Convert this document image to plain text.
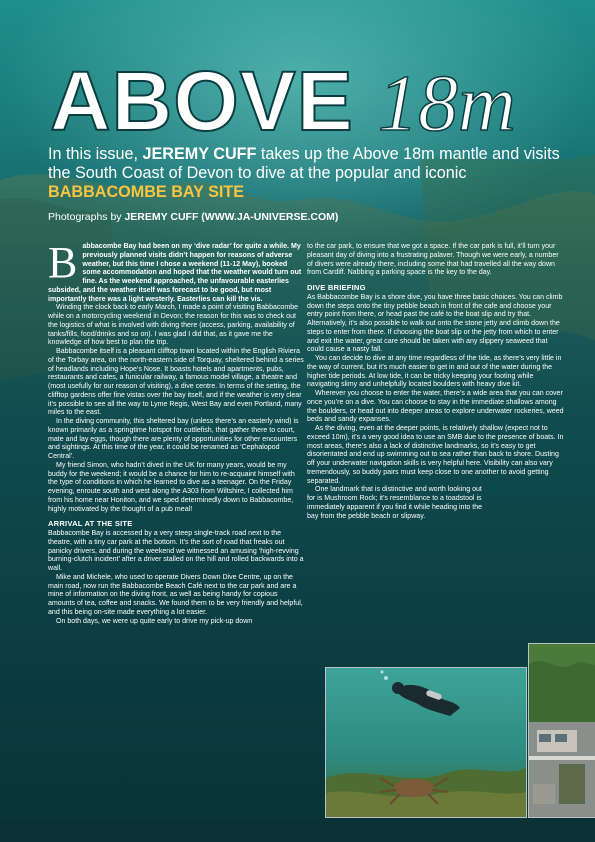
ABOVE 18m
In this issue, JEREMY CUFF takes up the Above 18m mantle and visits the South Coast of Devon to dive at the popular and iconic BABBACOMBE BAY SITE
Photographs by JEREMY CUFF (WWW.JA-UNIVERSE.COM)

Babbacombe Bay had been on my ‘dive radar’ for quite a while. My previously planned visits didn’t happen for reasons of adverse weather, but this time I chose a weekend (11-12 May), booked some accommodation and hoped that the weather would turn out fine. As the weekend approached, the unfavourable easterlies subsided, and the weather itself was forecast to be good, but most importantly there was a light westerly. Easterlies can kill the vis.

Winding the clock back to early March, I made a point of visiting Babbacombe while on a motorcycling weekend in Devon; the reason for this was to check out the logistics of what is involved with diving there (access, parking, availability of tanks/fills, food/drinks and so on). I was glad I did that, as it gave me the knowledge of how best to plan the trip.

Babbacombe itself is a pleasant clifftop town located within the English Riviera of the Torbay area, on the north-eastern side of Torquay, sheltered behind a series of headlands including Hope’s Nose. It boasts hotels and apartments, pubs, restaurants and cafes, a funicular railway, a famous model village, a theatre and (most usefully for our reason of visiting), a dive centre. In terms of the setting, the clifftop gardens offer fine vistas over the bay itself, and if the weather is very clear it’s possible to see all the way to Lyme Regis, West Bay and even Portland, many miles to the east.

In the diving community, this sheltered bay (unless there’s an easterly wind) is known primarily as a springtime hotspot for cuttlefish, that gather there to court, mate and lay eggs, though there are plenty of opportunities for other encounters and sightings. At this time of the year, it could be renamed as ‘Cephalopod Central’.

My friend Simon, who hadn’t dived in the UK for many years, would be my buddy for the weekend; it would be a chance for him to re-acquaint himself with the type of conditions in which he learned to dive as a teenager. On the Friday evening, enroute south and west along the A303 from Wiltshire, I collected him from his home near Honiton, and we sped determinedly down to Babbacombe, highly motivated by the thought of a pub meal!

ARRIVAL AT THE SITE

Babbacombe Bay is accessed by a very steep single-track road next to the theatre, with a tiny car park at the bottom. It’s the sort of road that freaks out panicky drivers, and during the weekend we witnessed an amusing ‘high-revving burning-clutch incident’ after a driver stalled on the hill and rolled backwards into a wall.

Mike and Michele, who used to operate Divers Down Dive Centre, up on the main road, now run the Babbacombe Beach Café next to the car park and are a mine of information on the diving front, as well as being handy for copious amounts of tea, coffee and snacks. We found them to be very friendly and helpful, and this being on-site made everything a lot easier.

On both days, we were up quite early to drive my pick-up down

to the car park, to ensure that we got a space. If the car park is full, it’ll turn your pleasant day of diving into a frustrating palaver. Though we were early, a number of divers were already there, including some that had travelled all the way down from Cardiff. Nabbing a parking space is the key to the day.

DIVE BRIEFING

As Babbacombe Bay is a shore dive, you have three basic choices. You can climb down the steps onto the tiny pebble beach in front of the cafe and choose your entry point from there, or head past the café to the boat slip and try that. Alternatively, it’s also possible to walk out onto the stone jetty and climb down the steps to enter from there. If choosing the boat slip or the jetty from which to enter and exit the water, great care should be taken with any slippery seaweed that could cause a nasty fall.

You can decide to dive at any time regardless of the tide, as there’s very little in the way of current, but it’s much easier to get in and out of the water during the higher tide periods. At low tide, it can be tricky keeping your footing while navigating slimy and unhelpfully located boulders with heavy dive kit.

Wherever you choose to enter the water, there’s a wide area that you can cover once you’re on a dive. You can choose to stay in the immediate shallows among the boulders, or head out into deeper areas to explore underwater rockeries, weed beds and sandy expanses.

As the diving, even at the deeper points, is relatively shallow (expect not to exceed 10m), it’s a very good idea to use an SMB due to the presence of boats. In most areas, there’s also a lack of distinctive landmarks, so it’s easy to get disorientated and end up swimming out to sea rather than back to shore. Dusting off your underwater navigation skills is very helpful here. Visibility can also vary tremendously, so buddy pairs must keep close to one another to avoid getting separated.

One landmark that is distinctive and worth looking out for is Mushroom Rock; it’s resemblance to a toadstool is immediately apparent if you find it while heading into the

bay from the pebble beach or slipway.
